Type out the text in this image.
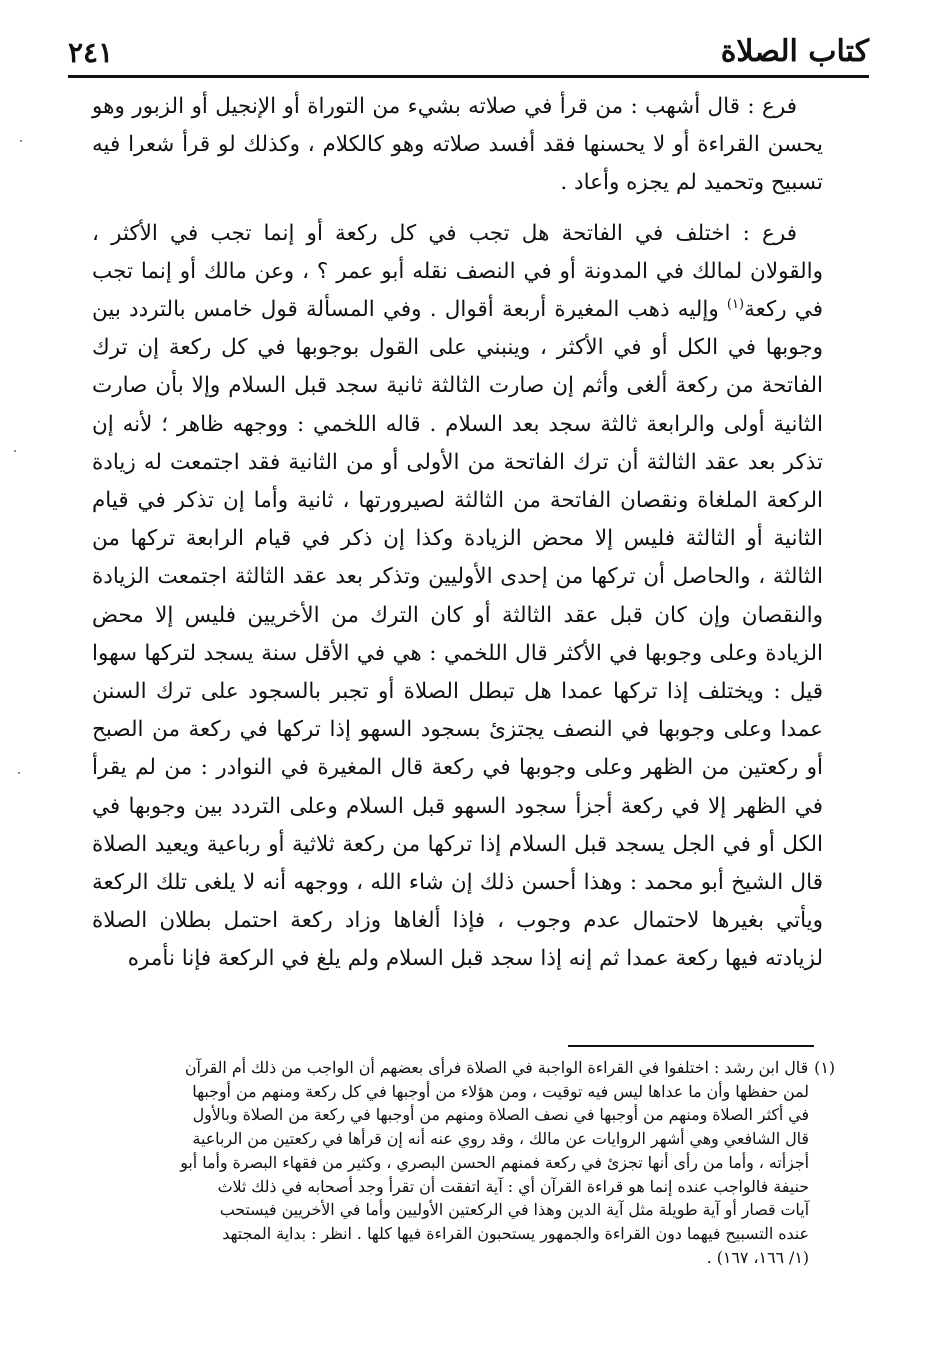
كتاب الصلاة
٢٤١

فرع : قال أشهب : من قرأ في صلاته بشيء من التوراة أو الإنجيل أو الزبور وهو يحسن القراءة أو لا يحسنها فقد أفسد صلاته وهو كالكلام ، وكذلك لو قرأ شعرا فيه تسبيح وتحميد لم يجزه وأعاد .

فرع : اختلف في الفاتحة هل تجب في كل ركعة أو إنما تجب في الأكثر ، والقولان لمالك في المدونة أو في النصف نقله أبو عمر ؟ ، وعن مالك أو إنما تجب في ركعة$^{(١)}$ وإليه ذهب المغيرة أربعة أقوال . وفي المسألة قول خامس بالتردد بين وجوبها في الكل أو في الأكثر ، وينبني على القول بوجوبها في كل ركعة إن ترك الفاتحة من ركعة ألغى وأثم إن صارت الثالثة ثانية سجد قبل السلام وإلا بأن صارت الثانية أولى والرابعة ثالثة سجد بعد السلام . قاله اللخمي : ووجهه ظاهر ؛ لأنه إن تذكر بعد عقد الثالثة أن ترك الفاتحة من الأولى أو من الثانية فقد اجتمعت له زيادة الركعة الملغاة ونقصان الفاتحة من الثالثة لصيرورتها ، ثانية وأما إن تذكر في قيام الثانية أو الثالثة فليس إلا محض الزيادة وكذا إن ذكر في قيام الرابعة تركها من الثالثة ، والحاصل أن تركها من إحدى الأوليين وتذكر بعد عقد الثالثة اجتمعت الزيادة والنقصان وإن كان قبل عقد الثالثة أو كان الترك من الأخريين فليس إلا محض الزيادة وعلى وجوبها في الأكثر قال اللخمي : هي في الأقل سنة يسجد لتركها سهوا قيل : ويختلف إذا تركها عمدا هل تبطل الصلاة أو تجبر بالسجود على ترك السنن عمدا وعلى وجوبها في النصف يجتزئ بسجود السهو إذا تركها في ركعة من الصبح أو ركعتين من الظهر وعلى وجوبها في ركعة قال المغيرة في النوادر : من لم يقرأ في الظهر إلا في ركعة أجزأ سجود السهو قبل السلام وعلى التردد بين وجوبها في الكل أو في الجل يسجد قبل السلام إذا تركها من ركعة ثلاثية أو رباعية ويعيد الصلاة قال الشيخ أبو محمد : وهذا أحسن ذلك إن شاء الله ، ووجهه أنه لا يلغى تلك الركعة ويأتي بغيرها لاحتمال عدم وجوب ، فإذا ألغاها وزاد ركعة احتمل بطلان الصلاة لزيادته فيها ركعة عمدا ثم إنه إذا سجد قبل السلام ولم يلغ في الركعة فإنا نأمره

(١)قال ابن رشد : اختلفوا في القراءة الواجبة في الصلاة فرأى بعضهم أن الواجب من ذلك أم القرآن
لمن حفظها وأن ما عداها ليس فيه توقيت ، ومن هؤلاء من أوجبها في كل ركعة ومنهم من أوجبها
في أكثر الصلاة ومنهم من أوجبها في نصف الصلاة ومنهم من أوجبها في ركعة من الصلاة وبالأول
قال الشافعي وهي أشهر الروايات عن مالك ، وقد روي عنه أنه إن قرأها في ركعتين من الرباعية
أجزأته ، وأما من رأى أنها تجزئ في ركعة فمنهم الحسن البصري ، وكثير من فقهاء البصرة وأما أبو
حنيفة فالواجب عنده إنما هو قراءة القرآن أي : آية اتفقت أن تقرأ وجد أصحابه في ذلك ثلاث
آيات قصار أو آية طويلة مثل آية الدين وهذا في الركعتين الأوليين وأما في الأخريين فيستحب
عنده التسبيح فيهما دون القراءة والجمهور يستحبون القراءة فيها كلها . انظر : بداية المجتهد
(١/ ١٦٦، ١٦٧) .
